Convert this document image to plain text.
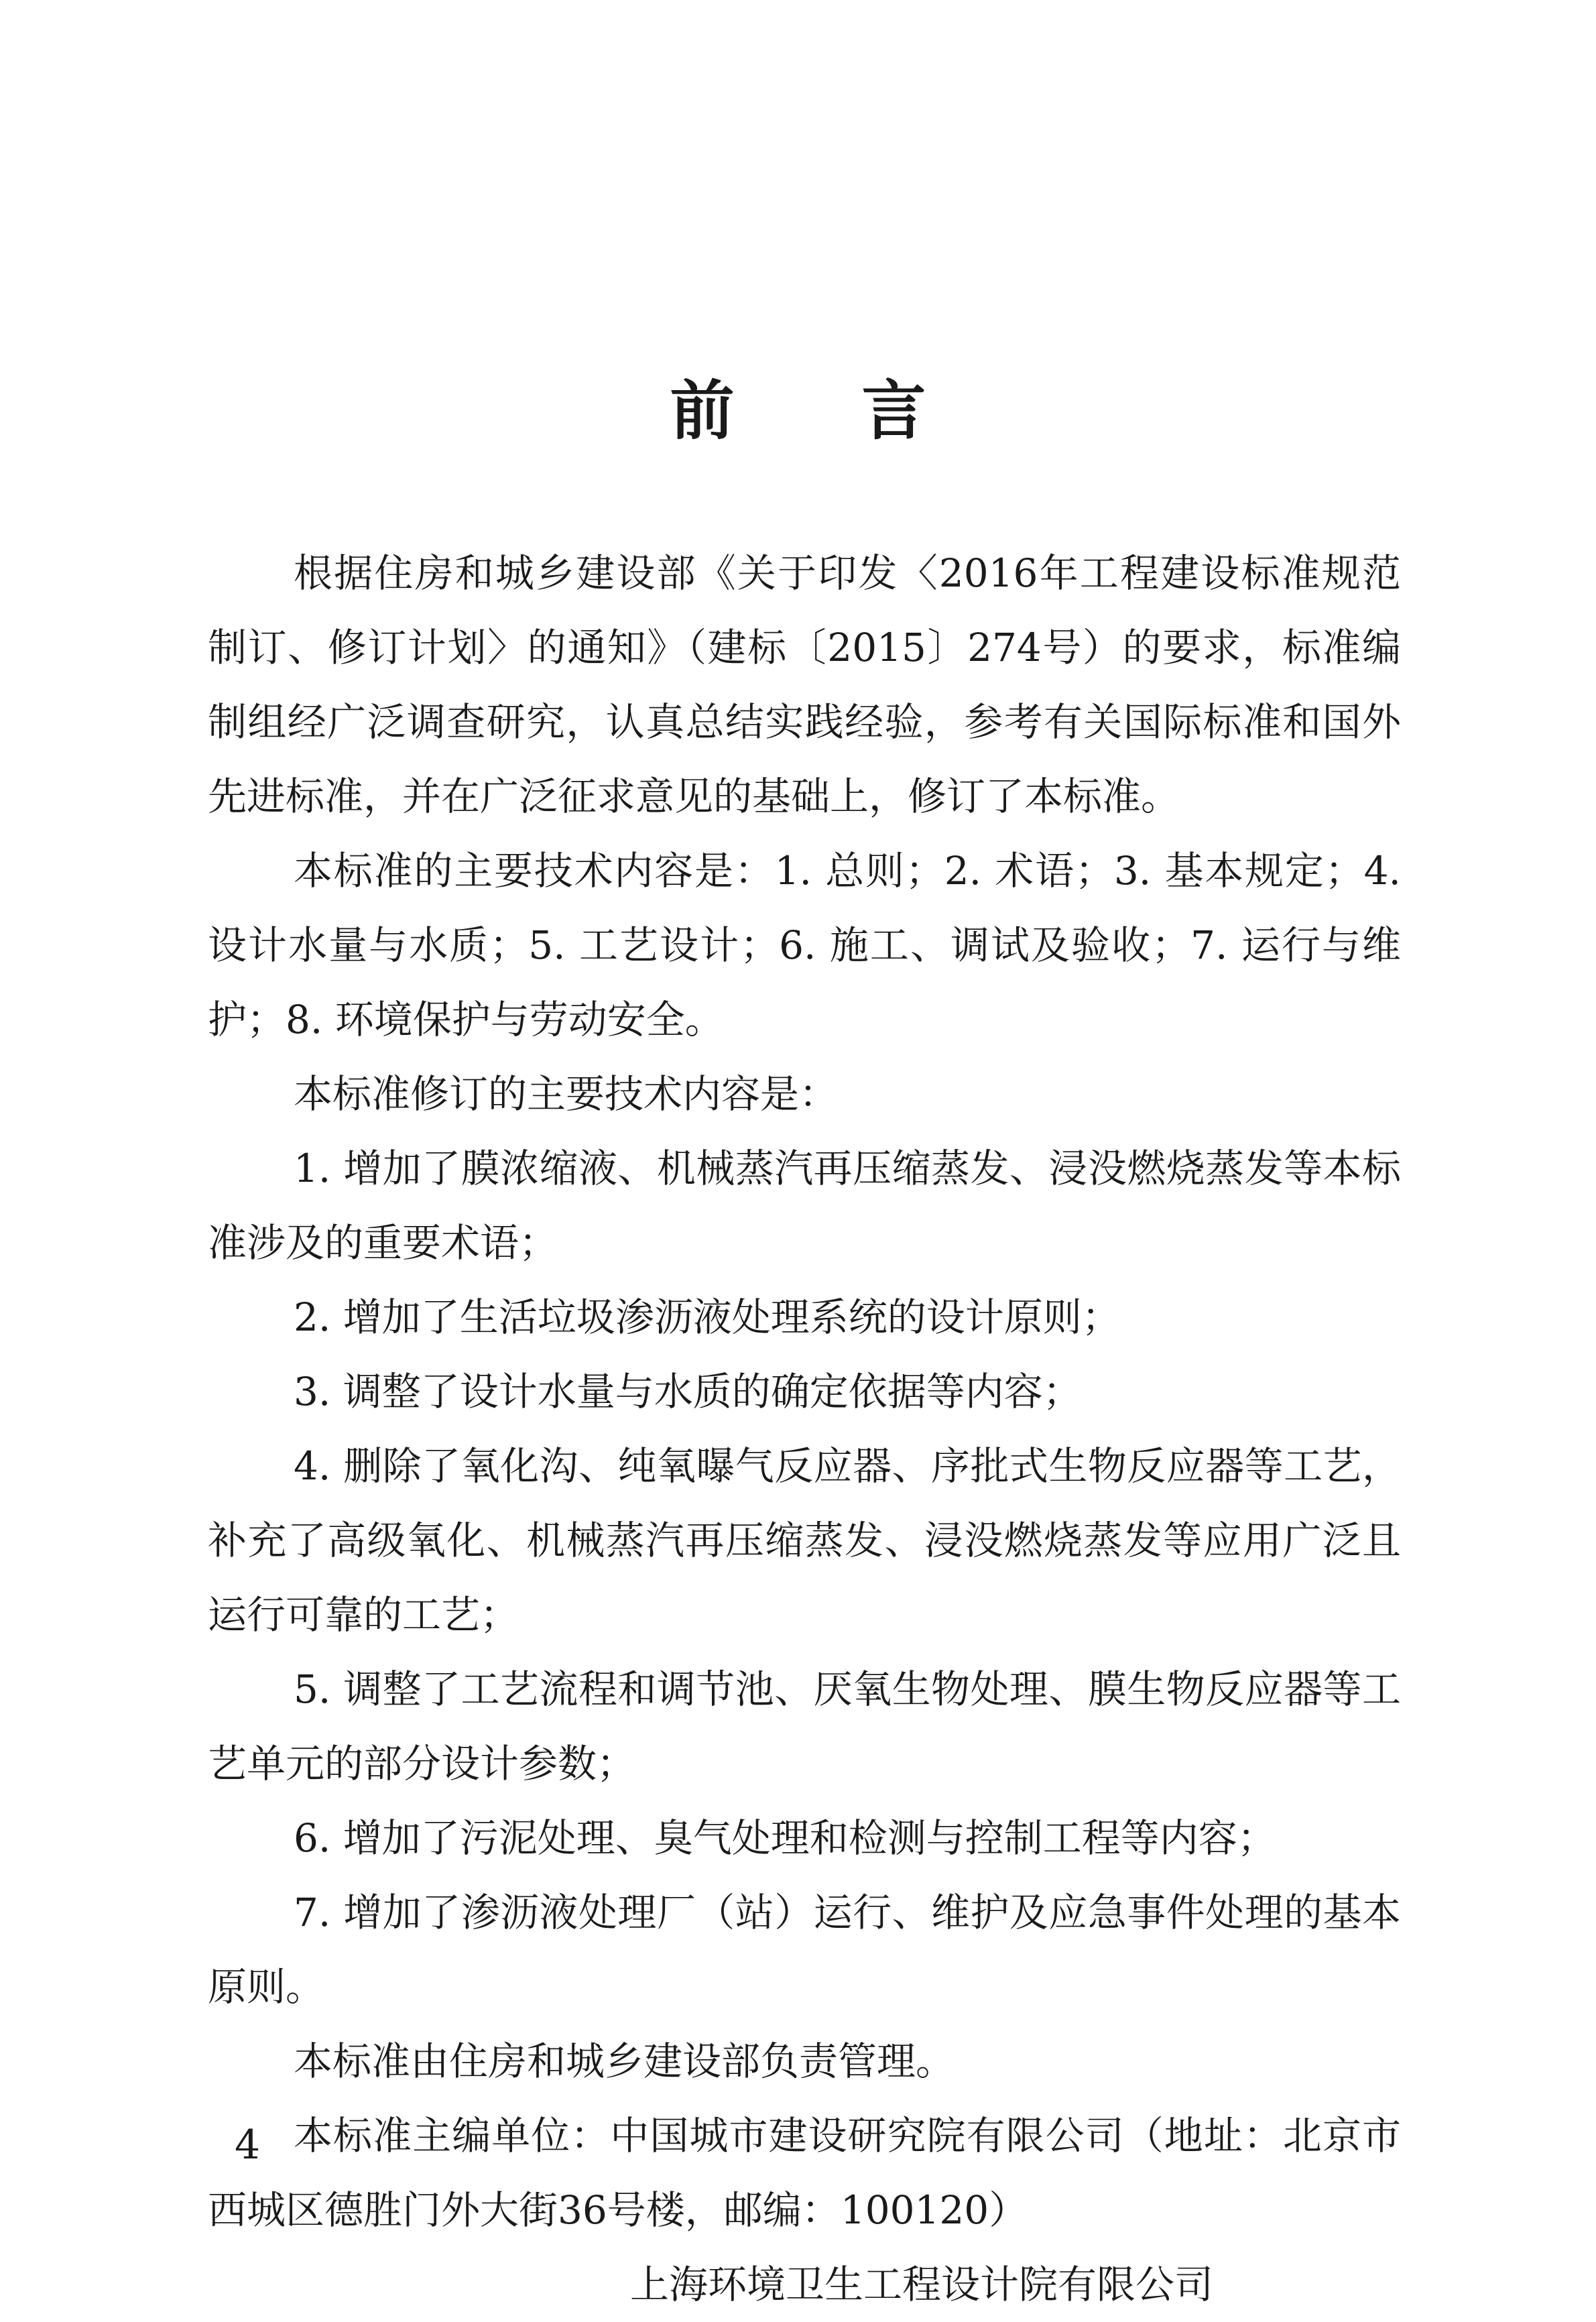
前 言

根据住房和城乡建设部《关于印发〈2016年工程建设标准规范制订、修订计划〉的通知》（建标〔2015〕274号）的要求，标准编制组经广泛调查研究，认真总结实践经验，参考有关国际标准和国外先进标准，并在广泛征求意见的基础上，修订了本标准。

本标准的主要技术内容是：1. 总则；2. 术语；3. 基本规定；4. 设计水量与水质；5. 工艺设计；6. 施工、调试及验收；7. 运行与维护；8. 环境保护与劳动安全。

本标准修订的主要技术内容是：

1. 增加了膜浓缩液、机械蒸汽再压缩蒸发、浸没燃烧蒸发等本标准涉及的重要术语；

2. 增加了生活垃圾渗沥液处理系统的设计原则；

3. 调整了设计水量与水质的确定依据等内容；

4. 删除了氧化沟、纯氧曝气反应器、序批式生物反应器等工艺，补充了高级氧化、机械蒸汽再压缩蒸发、浸没燃烧蒸发等应用广泛且运行可靠的工艺；

5. 调整了工艺流程和调节池、厌氧生物处理、膜生物反应器等工艺单元的部分设计参数；

6. 增加了污泥处理、臭气处理和检测与控制工程等内容；

7. 增加了渗沥液处理厂（站）运行、维护及应急事件处理的基本原则。

本标准由住房和城乡建设部负责管理。

本标准主编单位：中国城市建设研究院有限公司（地址：北京市西城区德胜门外大街36号楼，邮编：100120）

上海环境卫生工程设计院有限公司

4
